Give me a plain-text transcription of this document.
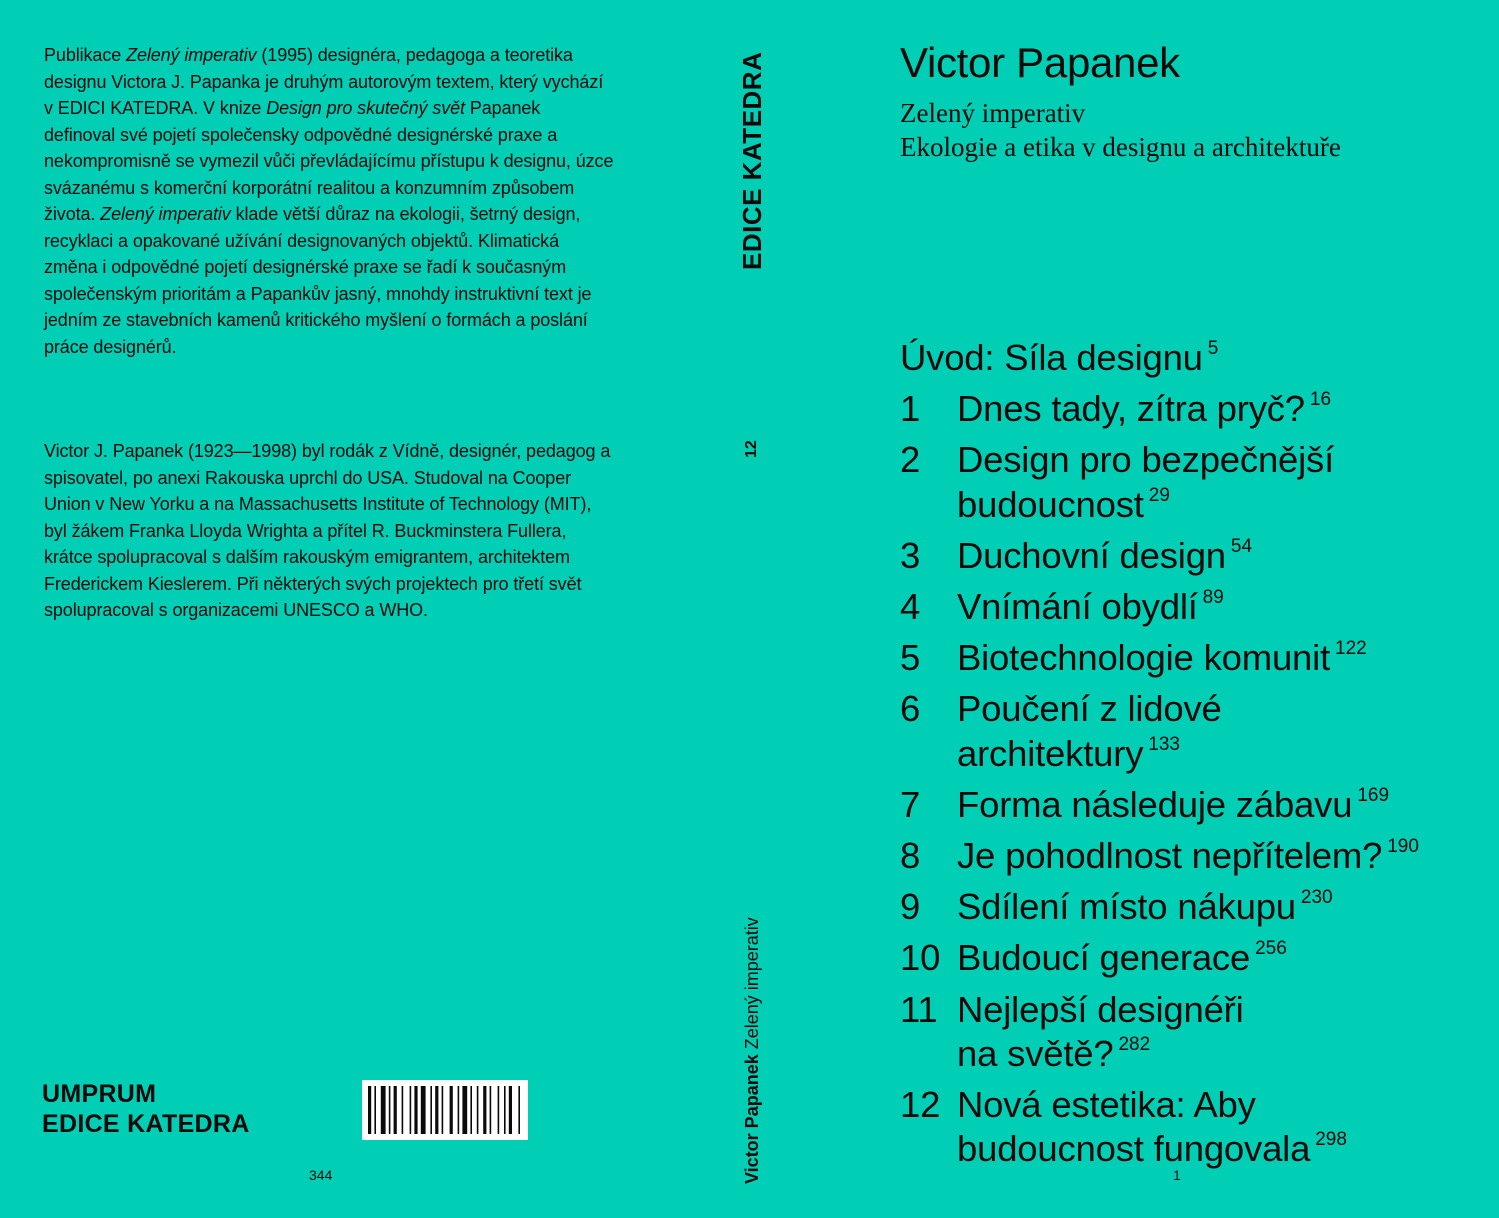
Publikace Zelený imperativ (1995) designéra, pedagoga a teoretika designu Victora J. Papanka je druhým autorovým textem, který vychází v EDICI KATEDRA. V knize Design pro skutečný svět Papanek definoval své pojetí společensky odpovědné designérské praxe a nekompromisně se vymezil vůči převládajícímu přístupu k designu, úzce svázanému s komerční korporátní realitou a konzumním způsobem života. Zelený imperativ klade větší důraz na ekologii, šetrný design, recyklaci a opakované užívání designovaných objektů. Klimatická změna i odpovědné pojetí designérské praxe se řadí k současným společenským prioritám a Papankův jasný, mnohdy instruktivní text je jedním ze stavebních kamenů kritického myšlení o formách a poslání práce designérů.

Victor J. Papanek (1923—1998) byl rodák z Vídně, designér, pedagog a spisovatel, po anexi Rakouska uprchl do USA. Studoval na Cooper Union v New Yorku a na Massachusetts Institute of Technology (MIT), byl žákem Franka Lloyda Wrighta a přítel R. Buckminstera Fullera, krátce spolupracoval s dalším rakouským emigrantem, architektem Frederickem Kieslerem. Při některých svých projektech pro třetí svět spolupracoval s organizacemi UNESCO a WHO.

UMPRUM
EDICE KATEDRA
344
EDICE KATEDRA
12
Victor Papanek Zelený imperativ
Victor Papanek
Zelený imperativ
Ekologie a etika v designu a architektuře
Úvod: Síla designu $^5$
1 Dnes tady, zítra pryč? $^{16}$
2 Design pro bezpečnější
budoucnost $^{29}$
3 Duchovní design $^{54}$
4 Vnímání obydlí $^{89}$
5 Biotechnologie komunit $^{122}$
6 Poučení z lidové
architektury $^{133}$
7 Forma následuje zábavu $^{169}$
8 Je pohodlnost nepřítelem? $^{190}$
9 Sdílení místo nákupu $^{230}$
10 Budoucí generace $^{256}$
11 Nejlepší designéři
na světě? $^{282}$
12 Nová estetika: Aby
budoucnost fungovala $^{298}$
1
